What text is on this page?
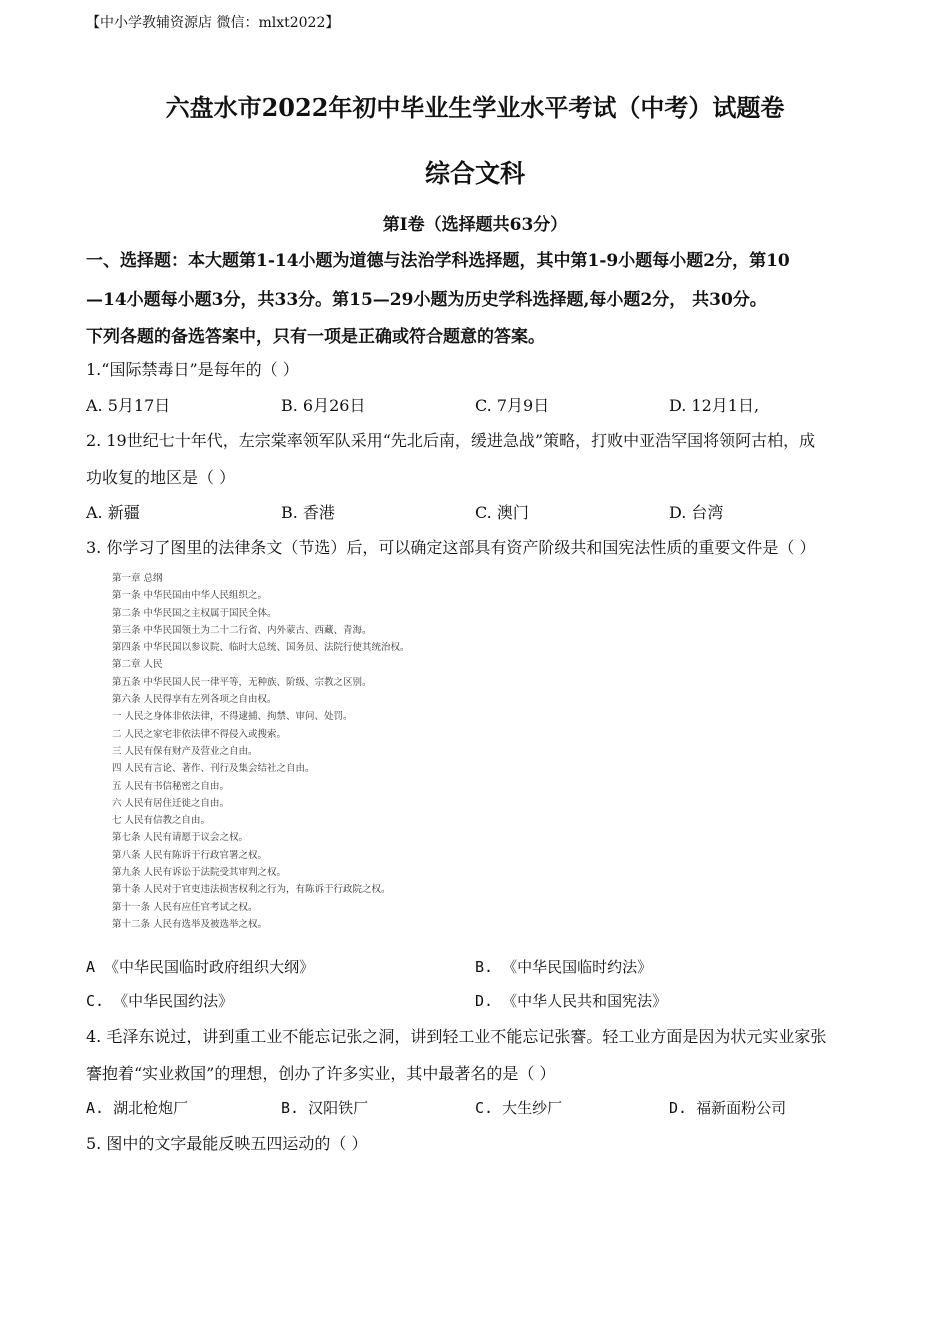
【中小学教辅资源店 微信：mlxt2022】
六盘水市2022年初中毕业生学业水平考试（中考）试题卷
综合文科
第Ⅰ卷（选择题共63分）
一、选择题：本大题第1-14小题为道德与法治学科选择题，其中第1-9小题每小题2分，第10
—14小题每小题3分，共33分。第15—29小题为历史学科选择题,每小题2分， 共30分。
下列各题的备选答案中，只有一项是正确或符合题意的答案。
1.“国际禁毒日”是每年的（ ）
A. 5月17日	B. 6月26日	C. 7月9日	D. 12月1日,
2. 19世纪七十年代，左宗棠率领军队采用“先北后南，缓进急战”策略，打败中亚浩罕国将领阿古柏，成
功收复的地区是（ ）
A. 新疆	B. 香港	C. 澳门	D. 台湾
3. 你学习了图里的法律条文（节选）后，可以确定这部具有资产阶级共和国宪法性质的重要文件是（ ）
第一章 总纲
第一条 中华民国由中华人民组织之。
第二条 中华民国之主权属于国民全体。
第三条 中华民国领土为二十二行省、内外蒙古、西藏、青海。
第四条 中华民国以参议院、临时大总统、国务员、法院行使其统治权。
第二章 人民
第五条 中华民国人民一律平等，无种族、阶级、宗教之区别。
第六条 人民得享有左列各项之自由权。
一 人民之身体非依法律，不得逮捕、拘禁、审问、处罚。
二 人民之家宅非依法律不得侵入或搜索。
三 人民有保有财产及营业之自由。
四 人民有言论、著作、刊行及集会结社之自由。
五 人民有书信秘密之自由。
六 人民有居住迁徙之自由。
七 人民有信教之自由。
第七条 人民有请愿于议会之权。
第八条 人民有陈诉于行政官署之权。
第九条 人民有诉讼于法院受其审判之权。
第十条 人民对于官吏违法损害权利之行为，有陈诉于行政院之权。
第十一条 人民有应任官考试之权。
第十二条 人民有选举及被选举之权。
A 《中华民国临时政府组织大纲》	B. 《中华民国临时约法》
C. 《中华民国约法》	D. 《中华人民共和国宪法》
4. 毛泽东说过，讲到重工业不能忘记张之洞，讲到轻工业不能忘记张謇。轻工业方面是因为状元实业家张
謇抱着“实业救国”的理想，创办了许多实业，其中最著名的是（ ）
A. 湖北枪炮厂	B. 汉阳铁厂	C. 大生纱厂	D. 福新面粉公司
5. 图中的文字最能反映五四运动的（ ）
